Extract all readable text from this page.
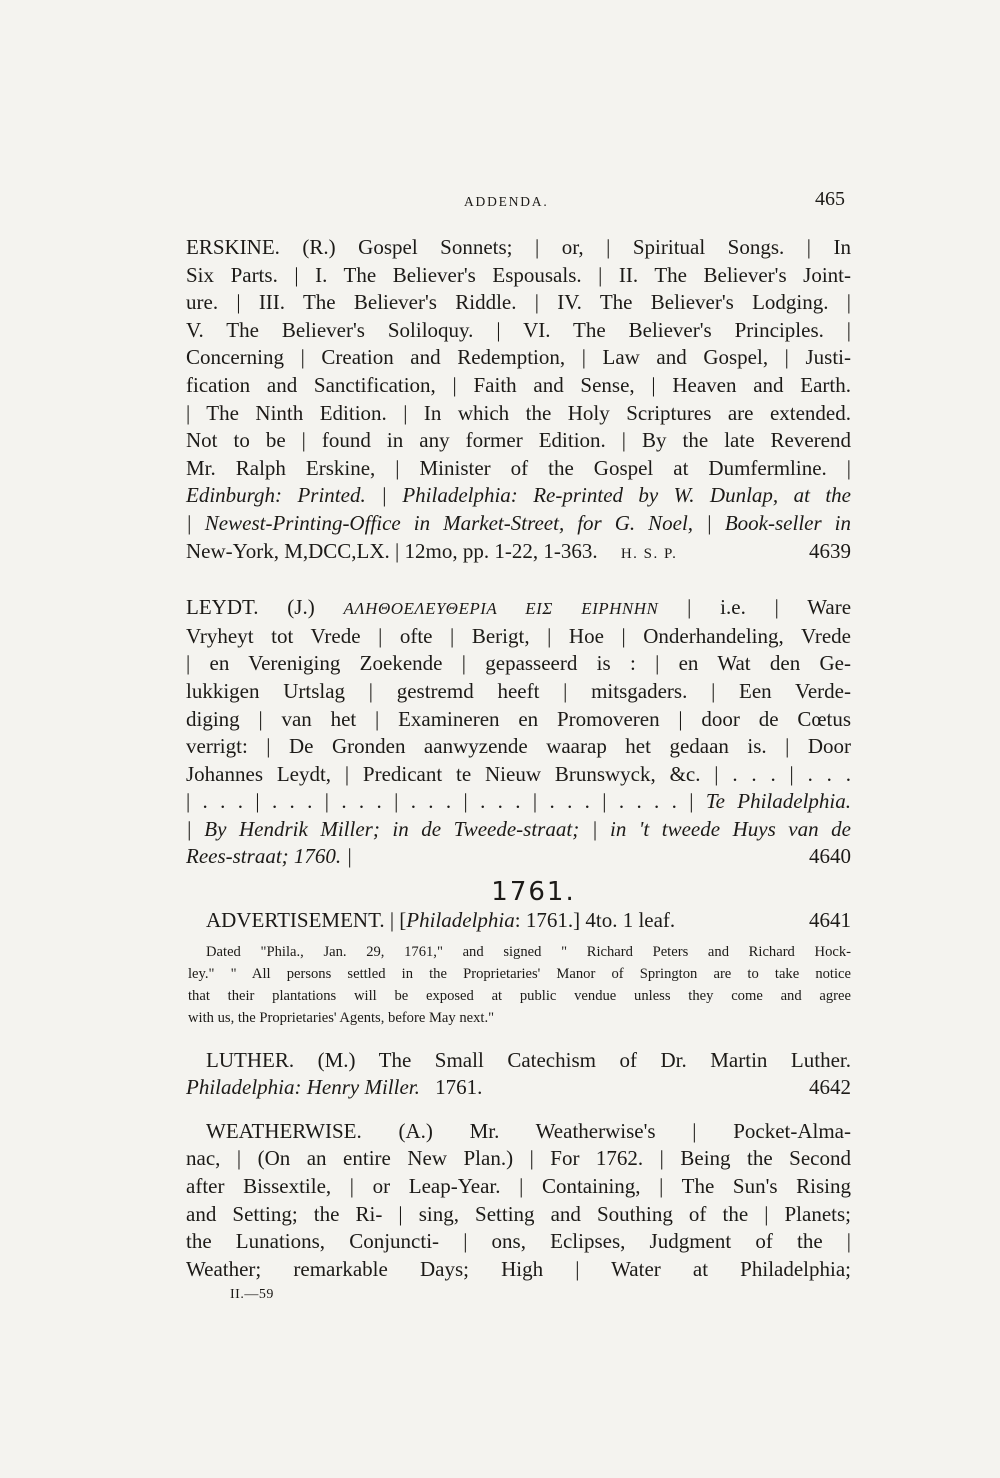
ADDENDA.	465
ERSKINE. (R.) Gospel Sonnets; | or, | Spiritual Songs. | In
Six Parts. | I. The Believer's Espousals. | II. The Believer's Joint-
ure. | III. The Believer's Riddle. | IV. The Believer's Lodging. |
V. The Believer's Soliloquy. | VI. The Believer's Principles. |
Concerning | Creation and Redemption, | Law and Gospel, | Justi-
fication and Sanctification, | Faith and Sense, | Heaven and Earth.
| The Ninth Edition. | In which the Holy Scriptures are extended.
Not to be | found in any former Edition. | By the late Reverend
Mr. Ralph Erskine, | Minister of the Gospel at Dumfermline. |
Edinburgh: Printed. | Philadelphia: Re-printed by W. Dunlap, at the
| Newest-Printing-Office in Market-Street, for G. Noel, | Book-seller in
New-York, M,DCC,LX. | 12mo, pp. 1-22, 1-363. H. S. P.	4639
LEYDT. (J.) ΑΛΗΘΟΕΛΕΥΘΕΡΙΑ ΕΙΣ ΕΙΡΗΝΗΝ | i.e. | Ware
Vryheyt tot Vrede | ofte | Berigt, | Hoe | Onderhandeling, Vrede
| en Vereniging Zoekende | gepasseerd is : | en Wat den Ge-
lukkigen Urtslag | gestremd heeft | mitsgaders. | Een Verde-
diging | van het | Examineren en Promoveren | door de Cœtus
verrigt: | De Gronden aanwyzende waarap het gedaan is. | Door
Johannes Leydt, | Predicant te Nieuw Brunswyck, &c. | . . . | . . .
| . . . | . . . | . . . | . . . | . . . | . . . | . . . . | Te Philadelphia.
| By Hendrik Miller; in de Tweede-straat; | in 't tweede Huys van de
Rees-straat; 1760. |	4640
1761.
ADVERTISEMENT. | [Philadelphia: 1761.] 4to. 1 leaf.	4641
Dated "Phila., Jan. 29, 1761," and signed " Richard Peters and Richard Hock-
ley." " All persons settled in the Proprietaries' Manor of Springton are to take notice
that their plantations will be exposed at public vendue unless they come and agree
with us, the Proprietaries' Agents, before May next."
LUTHER. (M.) The Small Catechism of Dr. Martin Luther.
Philadelphia: Henry Miller. 1761.	4642
WEATHERWISE. (A.) Mr. Weatherwise's | Pocket-Alma-
nac, | (On an entire New Plan.) | For 1762. | Being the Second
after Bissextile, | or Leap-Year. | Containing, | The Sun's Rising
and Setting; the Ri- | sing, Setting and Southing of the | Planets;
the Lunations, Conjuncti- | ons, Eclipses, Judgment of the |
Weather; remarkable Days; High | Water at Philadelphia;
II.—59
